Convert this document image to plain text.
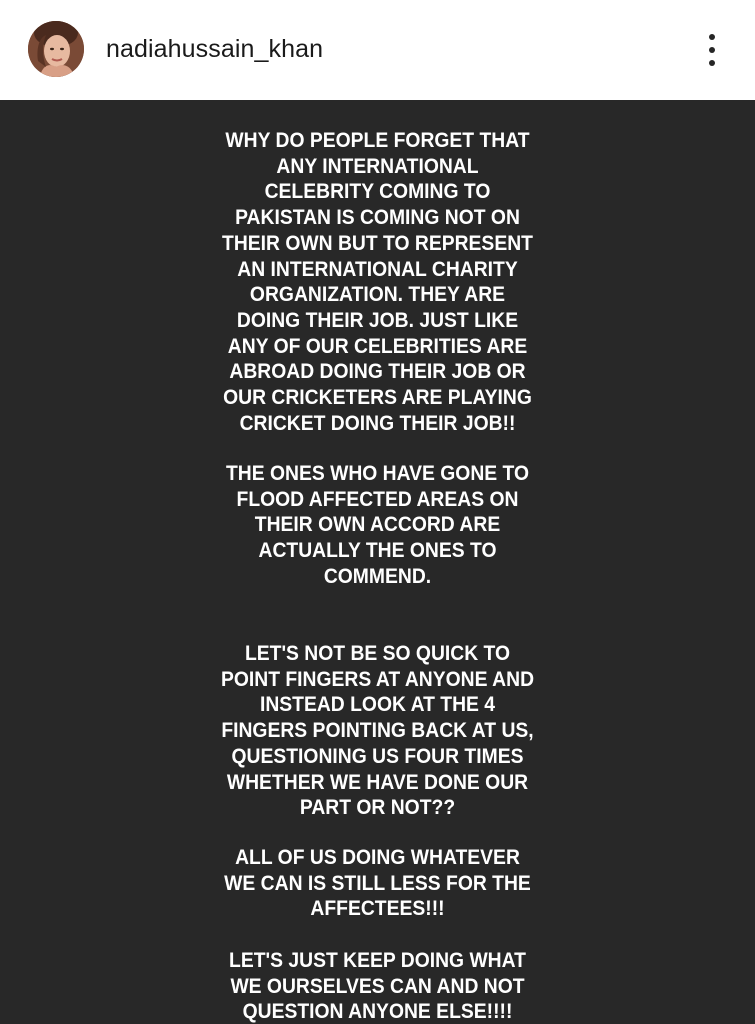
nadiahussain_khan
WHY DO PEOPLE FORGET THAT
ANY INTERNATIONAL
CELEBRITY COMING TO
PAKISTAN IS COMING NOT ON
THEIR OWN BUT TO REPRESENT
AN INTERNATIONAL CHARITY
ORGANIZATION. THEY ARE
DOING THEIR JOB. JUST LIKE
ANY OF OUR CELEBRITIES ARE
ABROAD DOING THEIR JOB OR
OUR CRICKETERS ARE PLAYING
CRICKET DOING THEIR JOB!!
THE ONES WHO HAVE GONE TO
FLOOD AFFECTED AREAS ON
THEIR OWN ACCORD ARE
ACTUALLY THE ONES TO
COMMEND.
LET'S NOT BE SO QUICK TO
POINT FINGERS AT ANYONE AND
INSTEAD LOOK AT THE 4
FINGERS POINTING BACK AT US,
QUESTIONING US FOUR TIMES
WHETHER WE HAVE DONE OUR
PART OR NOT??
ALL OF US DOING WHATEVER
WE CAN IS STILL LESS FOR THE
AFFECTEES!!!
LET'S JUST KEEP DOING WHAT
WE OURSELVES CAN AND NOT
QUESTION ANYONE ELSE!!!!
